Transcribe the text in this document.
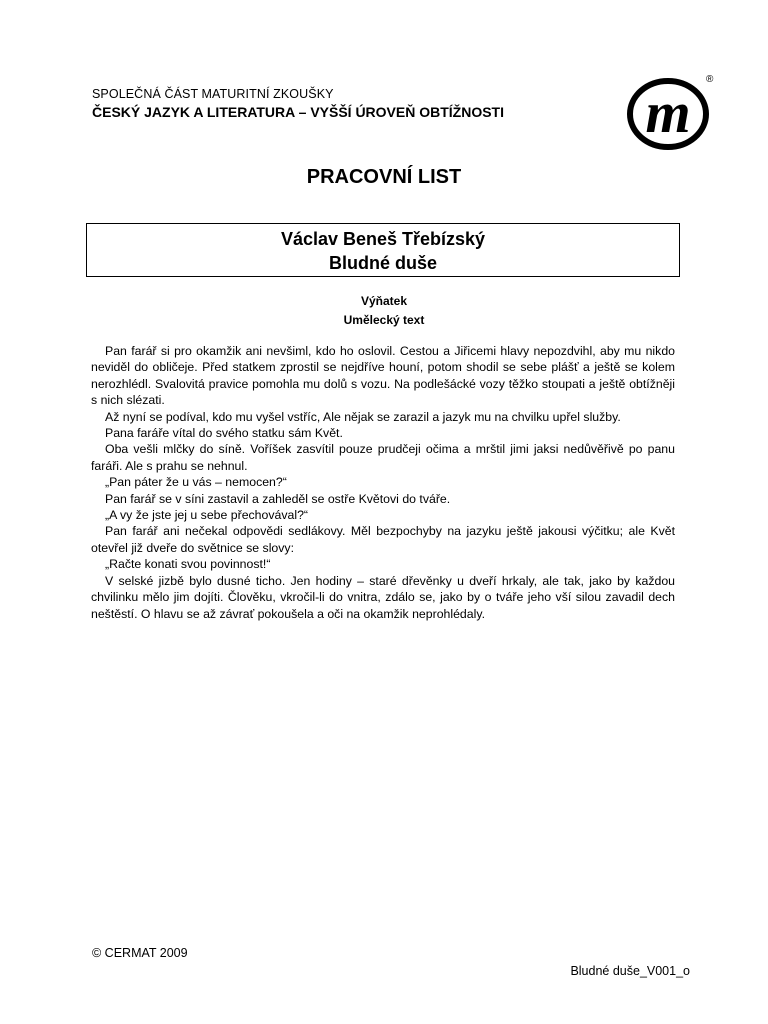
SPOLEČNÁ ČÁST MATURITNÍ ZKOUŠKY
ČESKÝ JAZYK A LITERATURA – VYŠŠÍ ÚROVEŇ OBTÍŽNOSTI m
®
PRACOVNÍ LIST
Václav Beneš Třebízský
Bludné duše
Výňatek
Umělecký text

Pan farář si pro okamžik ani nevšiml, kdo ho oslovil. Cestou a Jiřicemi hlavy nepozdvihl, aby mu nikdo neviděl do obličeje. Před statkem zprostil se nejdříve houní, potom shodil se sebe plášť a ještě se kolem nerozhlédl. Svalovitá pravice pomohla mu dolů s vozu. Na podlešácké vozy těžko stoupati a ještě obtížněji s nich slézati.

Až nyní se podíval, kdo mu vyšel vstříc, Ale nějak se zarazil a jazyk mu na chvilku upřel služby.

Pana faráře vítal do svého statku sám Květ.

Oba vešli mlčky do síně. Voříšek zasvítil pouze prudčeji očima a mrštil jimi jaksi nedůvěřivě po panu faráři. Ale s prahu se nehnul.

„Pan páter že u vás – nemocen?“

Pan farář se v síni zastavil a zahleděl se ostře Květovi do tváře.

„A vy že jste jej u sebe přechovával?“

Pan farář ani nečekal odpovědi sedlákovy. Měl bezpochyby na jazyku ještě jakousi výčitku; ale Květ otevřel již dveře do světnice se slovy:

„Račte konati svou povinnost!“

V selské jizbě bylo dusné ticho. Jen hodiny – staré dřevěnky u dveří hrkaly, ale tak, jako by každou chvilinku mělo jim dojíti. Člověku, vkročil-li do vnitra, zdálo se, jako by o tváře jeho vší silou zavadil dech neštěstí. O hlavu se až závrať pokoušela a oči na okamžik neprohlédaly.

© CERMAT 2009
Bludné duše_V001_o
